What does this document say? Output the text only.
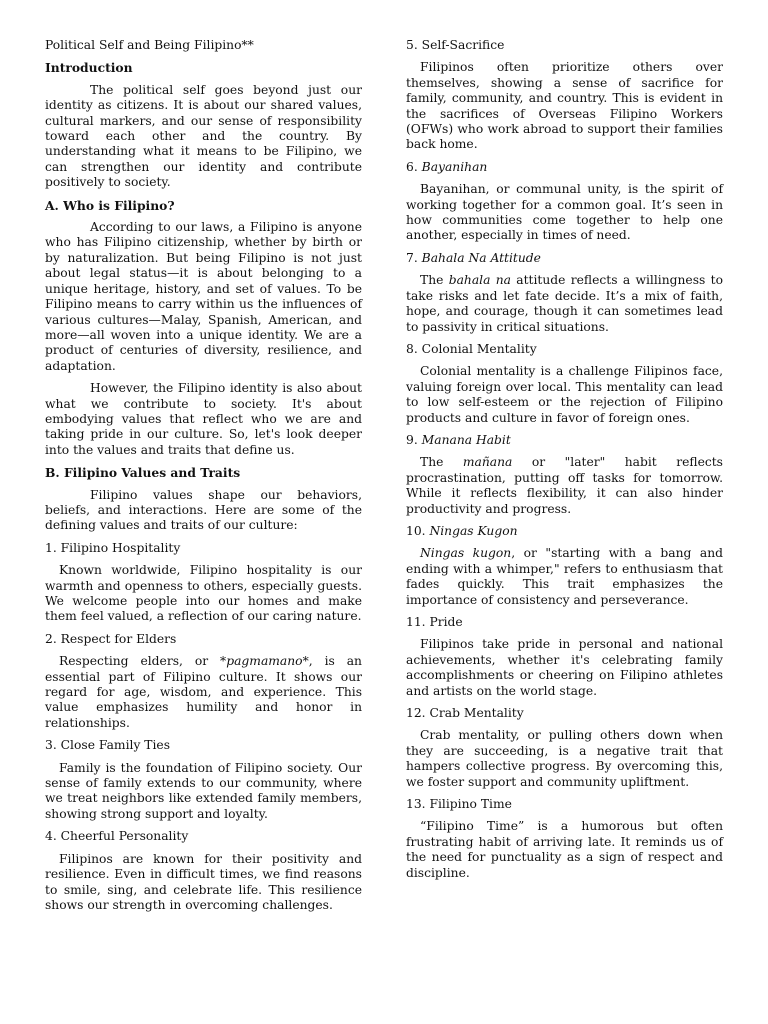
Political Self and Being Filipino**

Introduction

The political self goes beyond just our identity as citizens. It is about our shared values, cultural markers, and our sense of responsibility toward each other and the country. By understanding what it means to be Filipino, we can strengthen our identity and contribute positively to society.

A. Who is Filipino?

According to our laws, a Filipino is anyone who has Filipino citizenship, whether by birth or by naturalization. But being Filipino is not just about legal status—it is about belonging to a unique heritage, history, and set of values. To be Filipino means to carry within us the influences of various cultures—Malay, Spanish, American, and more—all woven into a unique identity. We are a product of centuries of diversity, resilience, and adaptation.

However, the Filipino identity is also about what we contribute to society. It's about embodying values that reflect who we are and taking pride in our culture. So, let's look deeper into the values and traits that define us.

B. Filipino Values and Traits

Filipino values shape our behaviors, beliefs, and interactions. Here are some of the defining values and traits of our culture:

1. Filipino Hospitality

Known worldwide, Filipino hospitality is our warmth and openness to others, especially guests. We welcome people into our homes and make them feel valued, a reflection of our caring nature.

2. Respect for Elders

Respecting elders, or *pagmamano*, is an essential part of Filipino culture. It shows our regard for age, wisdom, and experience. This value emphasizes humility and honor in relationships.

3. Close Family Ties

Family is the foundation of Filipino society. Our sense of family extends to our community, where we treat neighbors like extended family members, showing strong support and loyalty.

4. Cheerful Personality

Filipinos are known for their positivity and resilience. Even in difficult times, we find reasons to smile, sing, and celebrate life. This resilience shows our strength in overcoming challenges.

5. Self-Sacrifice

Filipinos often prioritize others over themselves, showing a sense of sacrifice for family, community, and country. This is evident in the sacrifices of Overseas Filipino Workers (OFWs) who work abroad to support their families back home.

6. Bayanihan

Bayanihan, or communal unity, is the spirit of working together for a common goal. It’s seen in how communities come together to help one another, especially in times of need.

7. Bahala Na Attitude

The bahala na attitude reflects a willingness to take risks and let fate decide. It’s a mix of faith, hope, and courage, though it can sometimes lead to passivity in critical situations.

8. Colonial Mentality

Colonial mentality is a challenge Filipinos face, valuing foreign over local. This mentality can lead to low self-esteem or the rejection of Filipino products and culture in favor of foreign ones.

9. Manana Habit

The mañana or "later" habit reflects procrastination, putting off tasks for tomorrow. While it reflects flexibility, it can also hinder productivity and progress.

10. Ningas Kugon

Ningas kugon, or "starting with a bang and ending with a whimper," refers to enthusiasm that fades quickly. This trait emphasizes the importance of consistency and perseverance.

11. Pride

Filipinos take pride in personal and national achievements, whether it's celebrating family accomplishments or cheering on Filipino athletes and artists on the world stage.

12. Crab Mentality

Crab mentality, or pulling others down when they are succeeding, is a negative trait that hampers collective progress. By overcoming this, we foster support and community upliftment.

13. Filipino Time

“Filipino Time” is a humorous but often frustrating habit of arriving late. It reminds us of the need for punctuality as a sign of respect and discipline.
